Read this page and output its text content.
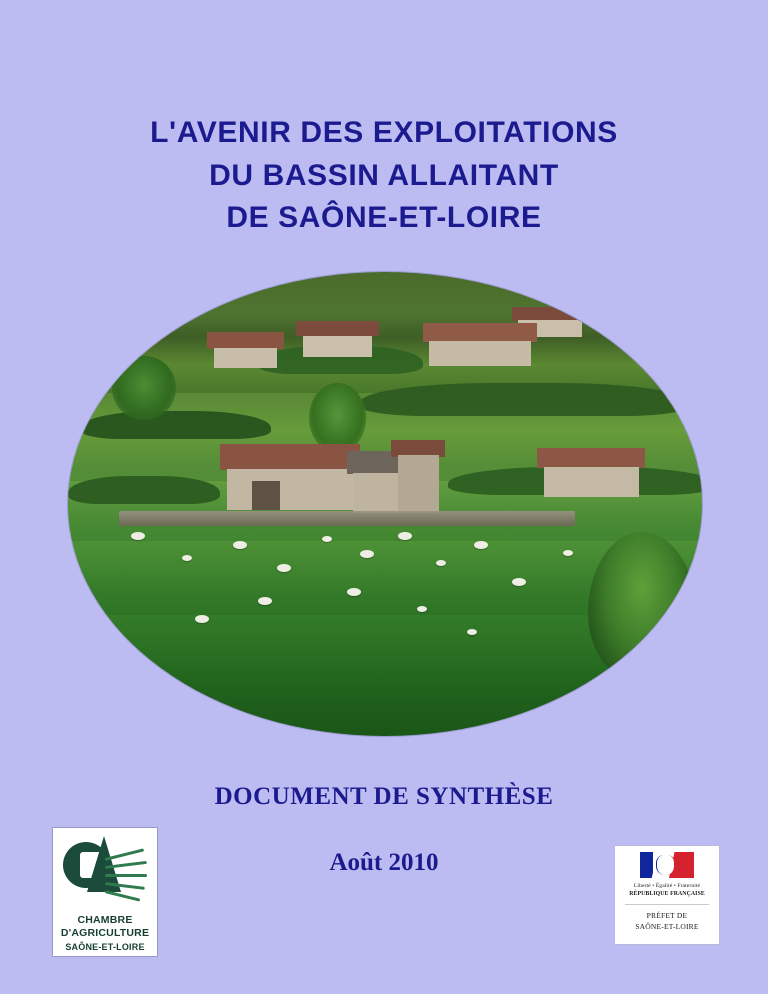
L'AVENIR DES EXPLOITATIONS
DU BASSIN ALLAITANT
DE SAÔNE-ET-LOIRE
DOCUMENT DE SYNTHÈSE
Août 2010
CHAMBRE
D'AGRICULTURE
SAÔNE-ET-LOIRE
Liberté • Égalité • Fraternité
RÉPUBLIQUE FRANÇAISE
PRÉFET DE
SAÔNE-ET-LOIRE
